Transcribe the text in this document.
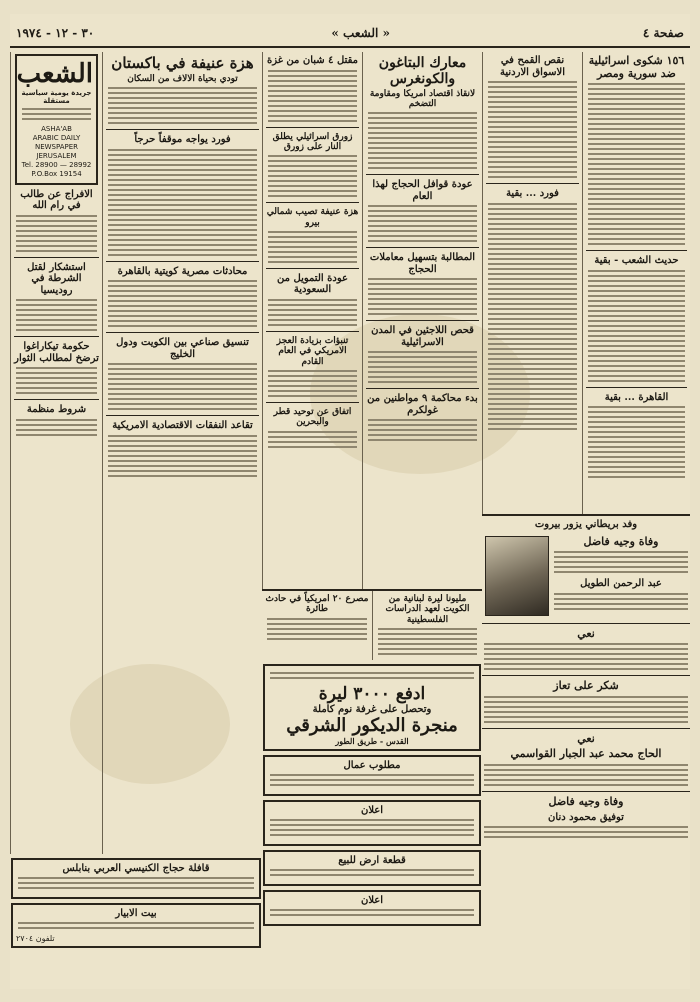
صفحة ٤
« الشعب »
٣٠ - ١٢ - ١٩٧٤
١٥٦ شكوى اسرائيلية ضد سورية ومصر
حديث الشعب - بقية
القاهرة ... بقية
نقص القمح في الاسواق الاردنية
فورد ... بقية
وفد بريطاني يزور بيروت
وفاة وجيه فاضل
عبد الرحمن الطويل
نعي
شكر على تعاز
نعي
الحاج محمد عبد الجبار القواسمي
وفاة وجيه فاضل
توفيق محمود دنان
معارك البتاغون والكونغرس
لانقاذ اقتصاد امريكا ومقاومة التضخم
عودة قوافل الحجاج لهذا العام
المطالبة بتسهيل معاملات الحجاج
قحص اللاجئين في المدن الاسرائيلية
بدء محاكمة ٩ مواطنين من غولكرم
مقتل ٤ شبان من غزة
زورق اسرائيلي يطلق النار على زورق
هزة عنيفة تصيب شمالي بيرو
عودة التمويل من السعودية
تنبؤات بزيادة العجز الامريكي في العام القادم
اتفاق عن توحيد قطر والبحرين
مليونا ليرة لبنانية من الكويت لعهد الدراسات الفلسطينية
مصرع ٢٠ امريكياً في حادث طائرة
ادفع ٣٠٠٠ ليرة
وتحصل على غرفة نوم كاملة
منجرة الديكور الشرقي
القدس - طريق الطور
مطلوب عمال
اعلان
قطعة ارض للبيع
اعلان
هزة عنيفة في باكستان
تودي بحياة الالاف من السكان
فورد يواجه موقفاً حرجاً
محادثات مصرية كويتية بالقاهرة
تنسيق صناعي بين الكويت ودول الخليج
تقاعد النفقات الاقتصادية الامريكية
الشعب
جريدة يومية سياسية مستقلة
ASHA'AB
ARABIC DAILY
NEWSPAPER
JERUSALEM
Tel. 28900 — 28992
P.O.Box 19154
الافراج عن طالب في رام الله
استشكار لقتل الشرطة في روديسيا
حكومة تيكاراغوا ترضخ لمطالب الثوار
شروط منظمة
قافلة حجاج الكنيسي العربي بنابلس
بيت الابيار
تلفون ٢٧٠٤
